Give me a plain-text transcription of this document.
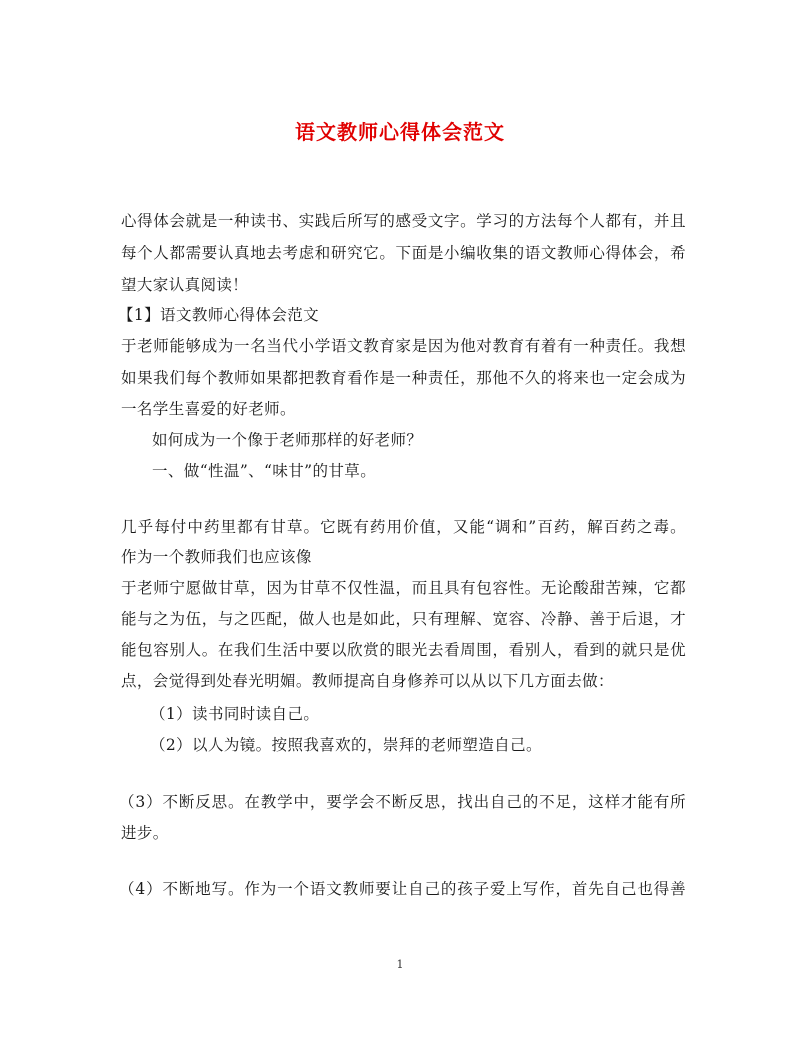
语文教师心得体会范文
心得体会就是一种读书、实践后所写的感受文字。学习的方法每个人都有，并且
每个人都需要认真地去考虑和研究它。下面是小编收集的语文教师心得体会，希
望大家认真阅读！
【1】语文教师心得体会范文
于老师能够成为一名当代小学语文教育家是因为他对教育有着有一种责任。我想
如果我们每个教师如果都把教育看作是一种责任，那他不久的将来也一定会成为
一名学生喜爱的好老师。
如何成为一个像于老师那样的好老师？
一、做“性温”、“味甘”的甘草。
几乎每付中药里都有甘草。它既有药用价值，又能“调和”百药，解百药之毒。
作为一个教师我们也应该像
于老师宁愿做甘草，因为甘草不仅性温，而且具有包容性。无论酸甜苦辣，它都
能与之为伍，与之匹配，做人也是如此，只有理解、宽容、冷静、善于后退，才
能包容别人。在我们生活中要以欣赏的眼光去看周围，看别人，看到的就只是优
点，会觉得到处春光明媚。教师提高自身修养可以从以下几方面去做：
（1）读书同时读自己。
（2）以人为镜。按照我喜欢的，崇拜的老师塑造自己。
（3）不断反思。在教学中，要学会不断反思，找出自己的不足，这样才能有所
进步。
（4）不断地写。作为一个语文教师要让自己的孩子爱上写作，首先自己也得善
1
